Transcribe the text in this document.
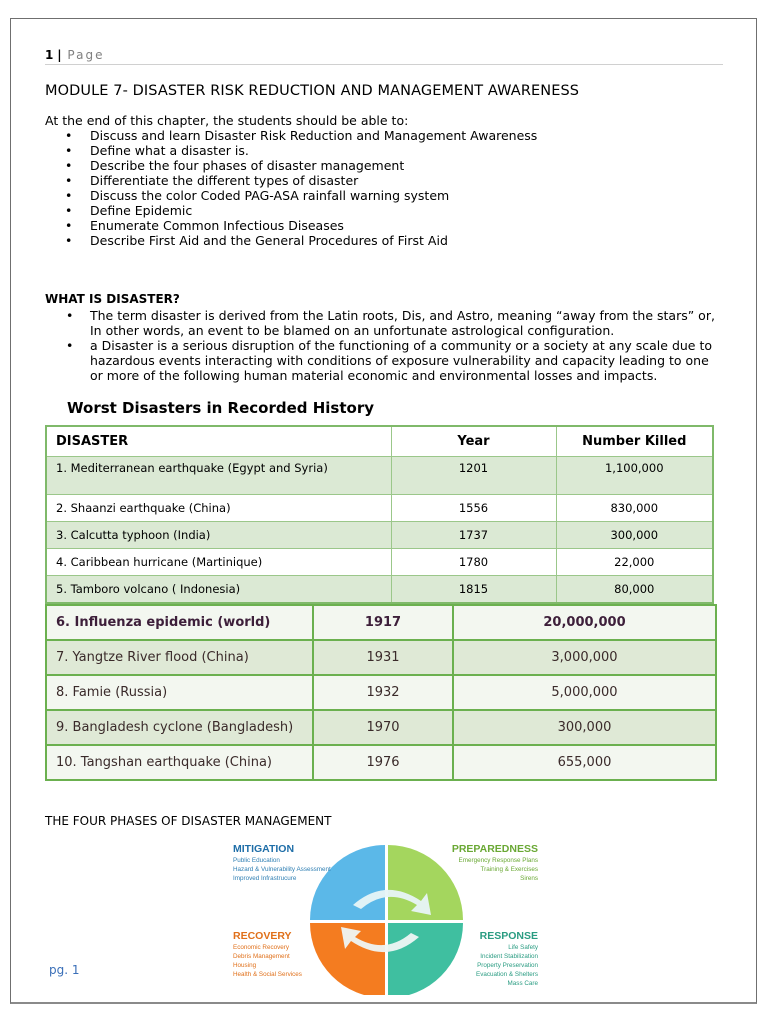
1 | Page
MODULE 7- DISASTER RISK REDUCTION AND MANAGEMENT AWARENESS
At the end of this chapter, the students should be able to:
• Discuss and learn Disaster Risk Reduction and Management Awareness
• Define what a disaster is.
• Describe the four phases of disaster management
• Differentiate the different types of disaster
• Discuss the color Coded PAG-ASA rainfall warning system
• Define Epidemic
• Enumerate Common Infectious Diseases
• Describe First Aid and the General Procedures of First Aid
WHAT IS DISASTER?
• The term disaster is derived from the Latin roots, Dis, and Astro, meaning “away from the stars” or, In other words, an event to be blamed on an unfortunate astrological configuration.
• a Disaster is a serious disruption of the functioning of a community or a society at any scale due to hazardous events interacting with conditions of exposure vulnerability and capacity leading to one or more of the following human material economic and environmental losses and impacts.
Worst Disasters in Recorded History
DISASTER	Year	Number Killed
1. Mediterranean earthquake (Egypt and Syria)	1201	1,100,000
2. Shaanzi earthquake (China)	1556	830,000
3. Calcutta typhoon (India)	1737	300,000
4. Caribbean hurricane (Martinique)	1780	22,000
5. Tamboro volcano ( Indonesia)	1815	80,000
6. Influenza epidemic (world)	1917	20,000,000
7. Yangtze River flood (China)	1931	3,000,000
8. Famie (Russia)	1932	5,000,000
9. Bangladesh cyclone (Bangladesh)	1970	300,000
10. Tangshan earthquake (China)	1976	655,000
THE FOUR PHASES OF DISASTER MANAGEMENT
MITIGATION
Public Education
Hazard & Vulnerability Assessment
Improved Infrastrucure
PREPAREDNESS
Emergency Response Plans
Training & Exercises
Sirens
RECOVERY
Economic Recovery
Debris Management
Housing
Health & Social Services
RESPONSE
Life Safety
Incident Stabilization
Property Preservation
Evacuation & Shelters
Mass Care
pg. 1
